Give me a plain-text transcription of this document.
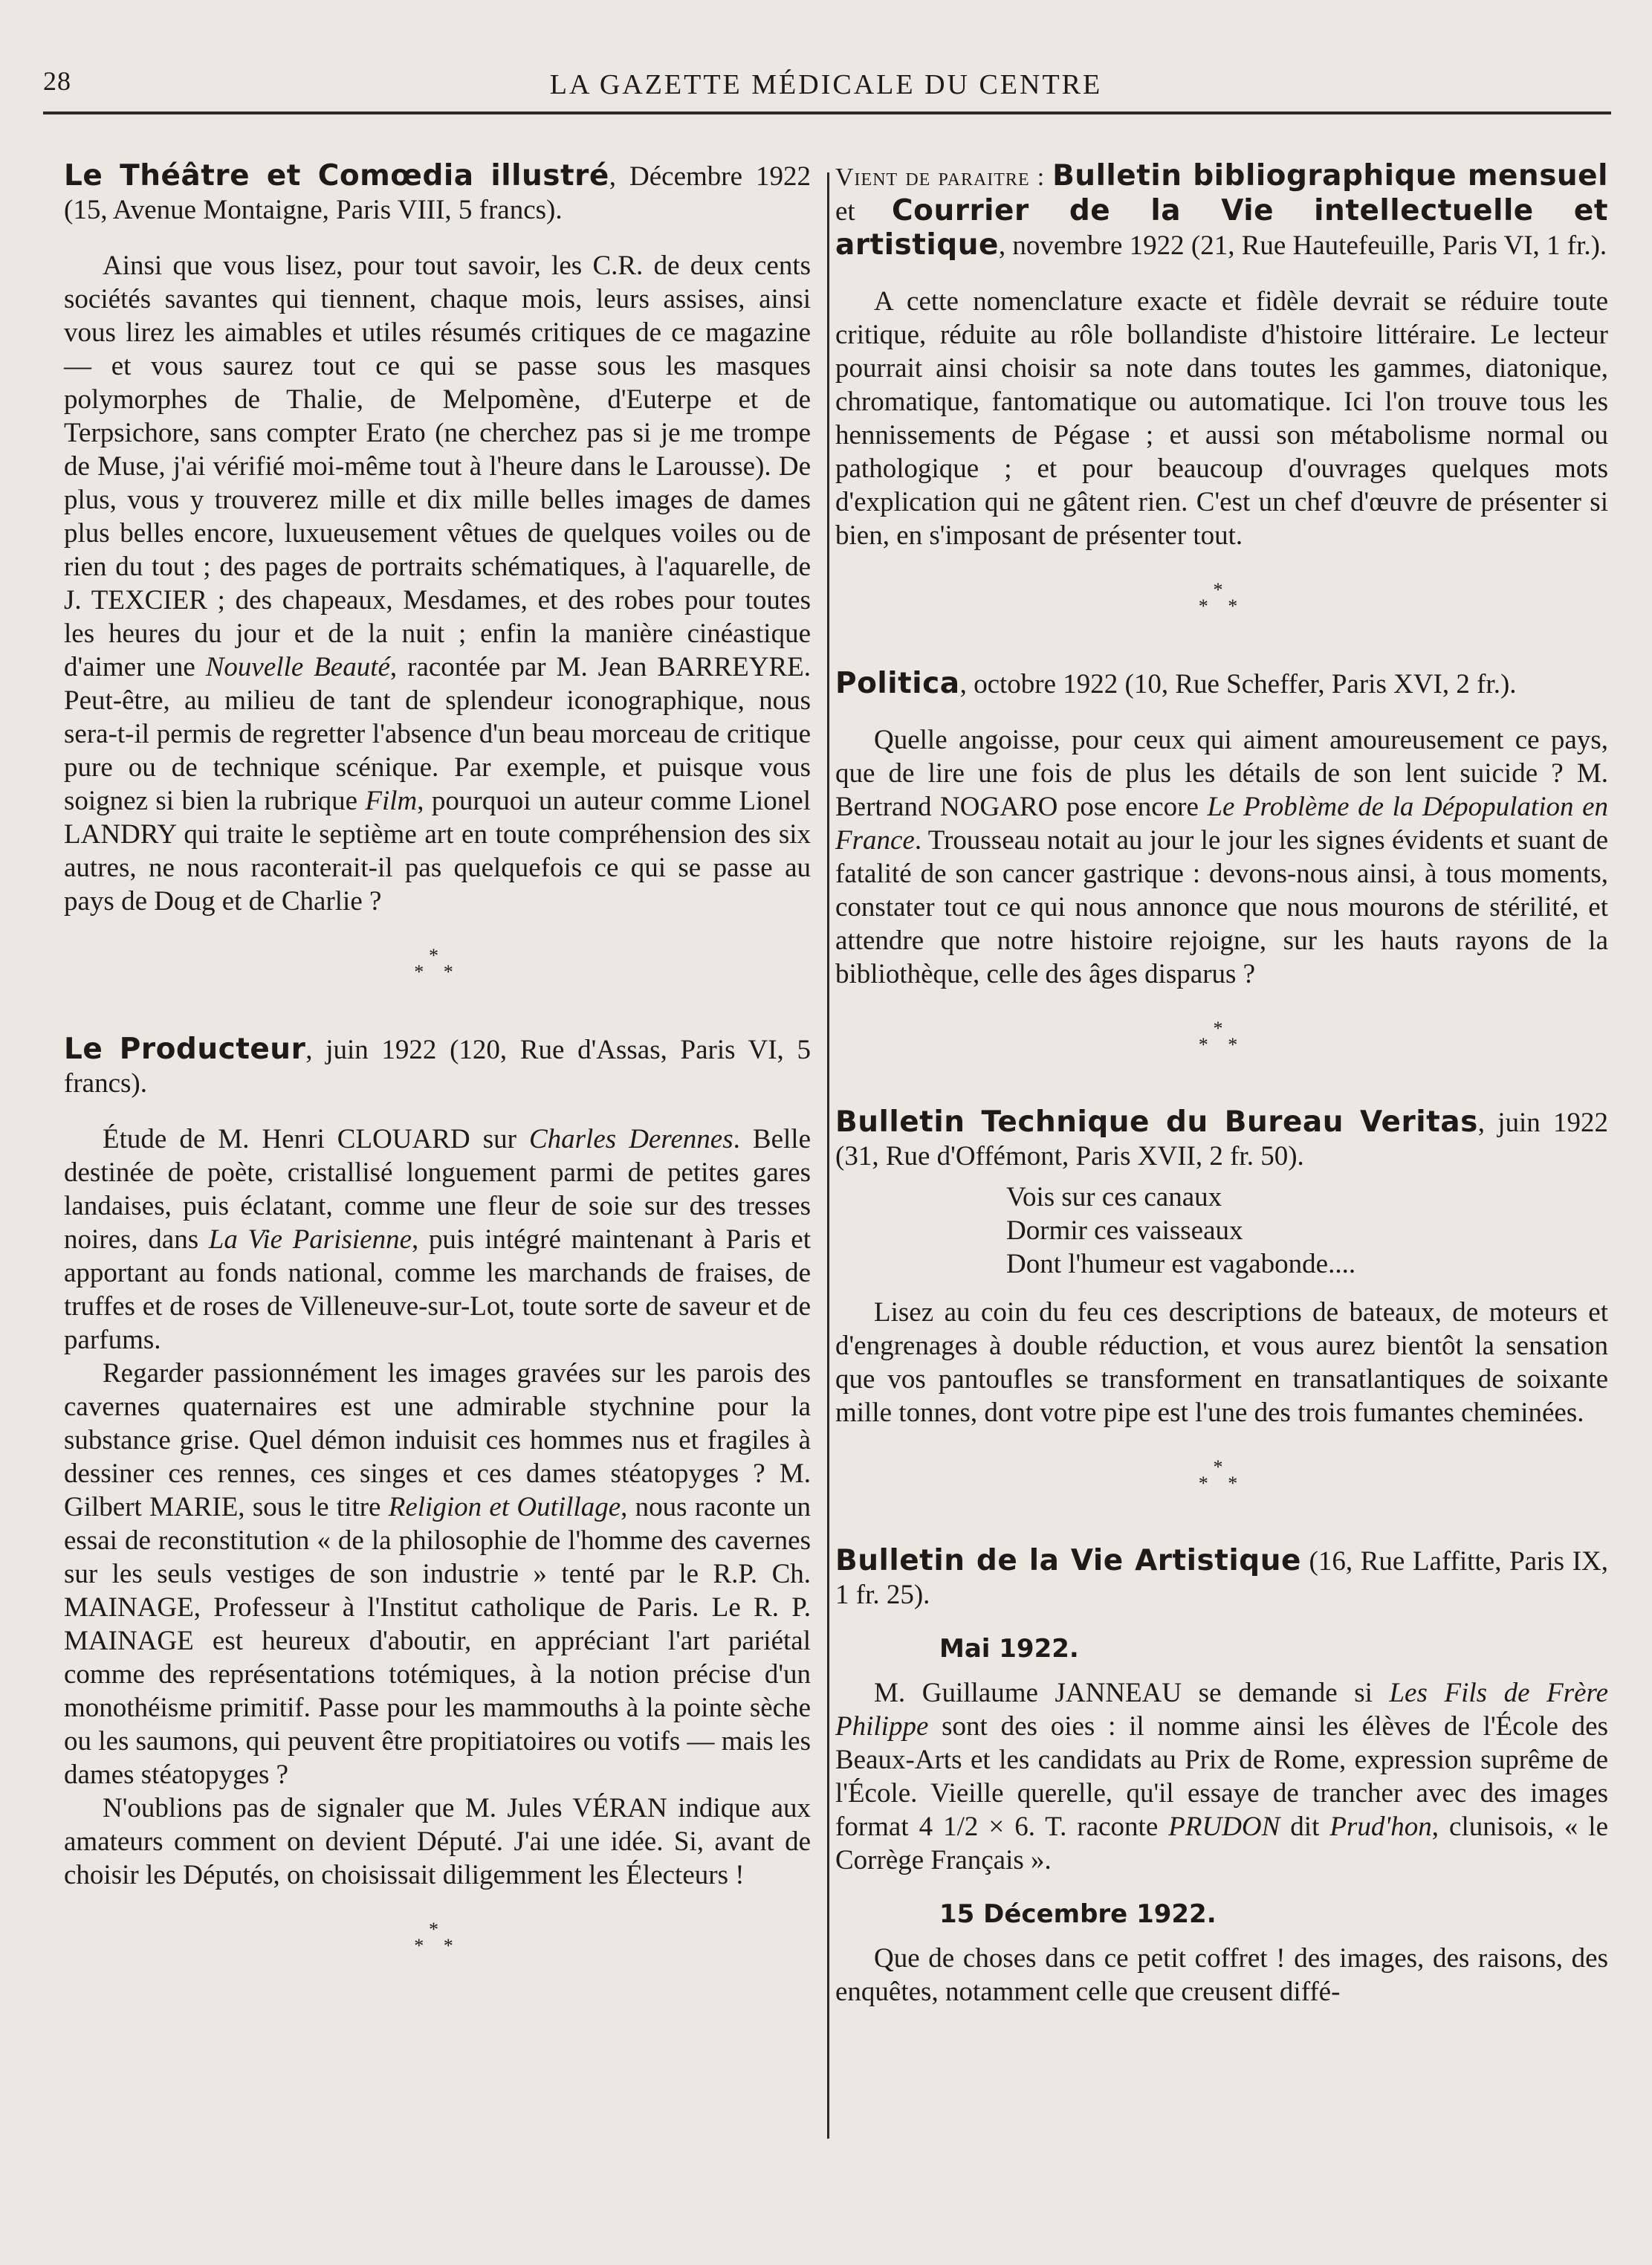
28	LA GAZETTE MÉDICALE DU CENTRE

Le Théâtre et Comœdia illustré, Décembre 1922 (15, Avenue Montaigne, Paris VIII, 5 francs).

Ainsi que vous lisez, pour tout savoir, les C.R. de deux cents sociétés savantes qui tiennent, chaque mois, leurs assises, ainsi vous lirez les aimables et utiles résumés critiques de ce magazine — et vous saurez tout ce qui se passe sous les masques polymorphes de Thalie, de Melpomène, d'Euterpe et de Terpsichore, sans compter Erato (ne cherchez pas si je me trompe de Muse, j'ai vérifié moi-même tout à l'heure dans le Larousse). De plus, vous y trouverez mille et dix mille belles images de dames plus belles encore, luxueusement vêtues de quelques voiles ou de rien du tout ; des pages de portraits schématiques, à l'aquarelle, de J. TEXCIER ; des chapeaux, Mesdames, et des robes pour toutes les heures du jour et de la nuit ; enfin la manière cinéastique d'aimer une Nouvelle Beauté, racontée par M. Jean BARREYRE. Peut-être, au milieu de tant de splendeur iconographique, nous sera-t-il permis de regretter l'absence d'un beau morceau de critique pure ou de technique scénique. Par exemple, et puisque vous soignez si bien la rubrique Film, pourquoi un auteur comme Lionel LANDRY qui traite le septième art en toute compréhension des six autres, ne nous raconterait-il pas quelquefois ce qui se passe au pays de Doug et de Charlie ?

*
* *

Le Producteur, juin 1922 (120, Rue d'Assas, Paris VI, 5 francs).

Étude de M. Henri CLOUARD sur Charles Derennes. Belle destinée de poète, cristallisé longuement parmi de petites gares landaises, puis éclatant, comme une fleur de soie sur des tresses noires, dans La Vie Parisienne, puis intégré maintenant à Paris et apportant au fonds national, comme les marchands de fraises, de truffes et de roses de Villeneuve-sur-Lot, toute sorte de saveur et de parfums.

Regarder passionnément les images gravées sur les parois des cavernes quaternaires est une admirable stychnine pour la substance grise. Quel démon induisit ces hommes nus et fragiles à dessiner ces rennes, ces singes et ces dames stéatopyges ? M. Gilbert MARIE, sous le titre Religion et Outillage, nous raconte un essai de reconstitution « de la philosophie de l'homme des cavernes sur les seuls vestiges de son industrie » tenté par le R.P. Ch. MAINAGE, Professeur à l'Institut catholique de Paris. Le R. P. MAINAGE est heureux d'aboutir, en appréciant l'art pariétal comme des représentations totémiques, à la notion précise d'un monothéisme primitif. Passe pour les mammouths à la pointe sèche ou les saumons, qui peuvent être propitiatoires ou votifs — mais les dames stéatopyges ?

N'oublions pas de signaler que M. Jules VÉRAN indique aux amateurs comment on devient Député. J'ai une idée. Si, avant de choisir les Députés, on choisissait diligemment les Électeurs !

*
* *

Vient de paraitre : Bulletin bibliographique mensuel et Courrier de la Vie intellectuelle et artistique, novembre 1922 (21, Rue Hautefeuille, Paris VI, 1 fr.).

A cette nomenclature exacte et fidèle devrait se réduire toute critique, réduite au rôle bollandiste d'histoire littéraire. Le lecteur pourrait ainsi choisir sa note dans toutes les gammes, diatonique, chromatique, fantomatique ou automatique. Ici l'on trouve tous les hennissements de Pégase ; et aussi son métabolisme normal ou pathologique ; et pour beaucoup d'ouvrages quelques mots d'explication qui ne gâtent rien. C'est un chef d'œuvre de présenter si bien, en s'imposant de présenter tout.

*
* *

Politica, octobre 1922 (10, Rue Scheffer, Paris XVI, 2 fr.).

Quelle angoisse, pour ceux qui aiment amoureusement ce pays, que de lire une fois de plus les détails de son lent suicide ? M. Bertrand NOGARO pose encore Le Problème de la Dépopulation en France. Trousseau notait au jour le jour les signes évidents et suant de fatalité de son cancer gastrique : devons-nous ainsi, à tous moments, constater tout ce qui nous annonce que nous mourons de stérilité, et attendre que notre histoire rejoigne, sur les hauts rayons de la bibliothèque, celle des âges disparus ?

*
* *

Bulletin Technique du Bureau Veritas, juin 1922 (31, Rue d'Offémont, Paris XVII, 2 fr. 50).

Vois sur ces canaux
Dormir ces vaisseaux
Dont l'humeur est vagabonde....

Lisez au coin du feu ces descriptions de bateaux, de moteurs et d'engrenages à double réduction, et vous aurez bientôt la sensation que vos pantoufles se transforment en transatlantiques de soixante mille tonnes, dont votre pipe est l'une des trois fumantes cheminées.

*
* *

Bulletin de la Vie Artistique (16, Rue Laffitte, Paris IX, 1 fr. 25).

Mai 1922.

M. Guillaume JANNEAU se demande si Les Fils de Frère Philippe sont des oies : il nomme ainsi les élèves de l'École des Beaux-Arts et les candidats au Prix de Rome, expression suprême de l'École. Vieille querelle, qu'il essaye de trancher avec des images format 4 1/2 × 6. T. raconte PRUDON dit Prud'hon, clunisois, « le Corrège Français ».

15 Décembre 1922.

Que de choses dans ce petit coffret ! des images, des raisons, des enquêtes, notamment celle que creusent diffé-
